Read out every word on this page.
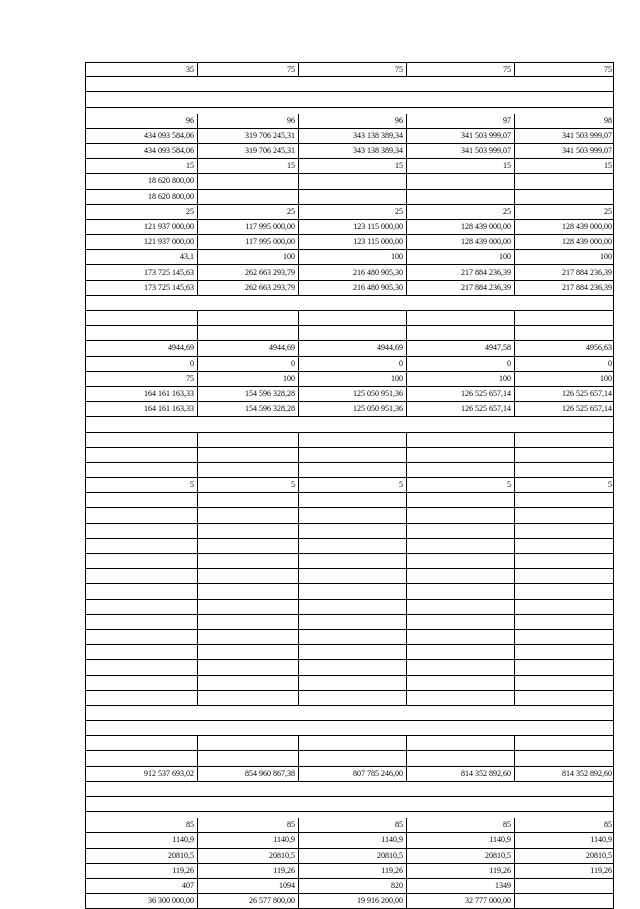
35	75	75	75	75
96	96	96	97	98
434 093 584,06	319 706 245,31	343 138 389,34	341 503 999,07	341 503 999,07
434 093 584,06	319 706 245,31	343 138 389,34	341 503 999,07	341 503 999,07
15	15	15	15	15
18 620 800,00
18 620 800,00
25	25	25	25	25
121 937 000,00	117 995 000,00	123 115 000,00	128 439 000,00	128 439 000,00
121 937 000,00	117 995 000,00	123 115 000,00	128 439 000,00	128 439 000,00
43,1	100	100	100	100
173 725 145,63	262 663 293,79	216 480 905,30	217 884 236,39	217 884 236,39
173 725 145,63	262 663 293,79	216 480 905,30	217 884 236,39	217 884 236,39
4944,69	4944,69	4944,69	4947,58	4956,63
0	0	0	0	0
75	100	100	100	100
164 161 163,33	154 596 328,28	125 050 951,36	126 525 657,14	126 525 657,14
164 161 163,33	154 596 328,28	125 050 951,36	126 525 657,14	126 525 657,14
5	5	5	5	5
912 537 693,02	854 960 867,38	807 785 246,00	814 352 892,60	814 352 892,60
85	85	85	85	85
1140,9	1140,9	1140,9	1140,9	1140,9
20810,5	20810,5	20810,5	20810,5	20810,5
119,26	119,26	119,26	119,26	119,26
407	1094	820	1349
36 300 000,00	26 577 800,00	19 916 200,00	32 777 000,00
